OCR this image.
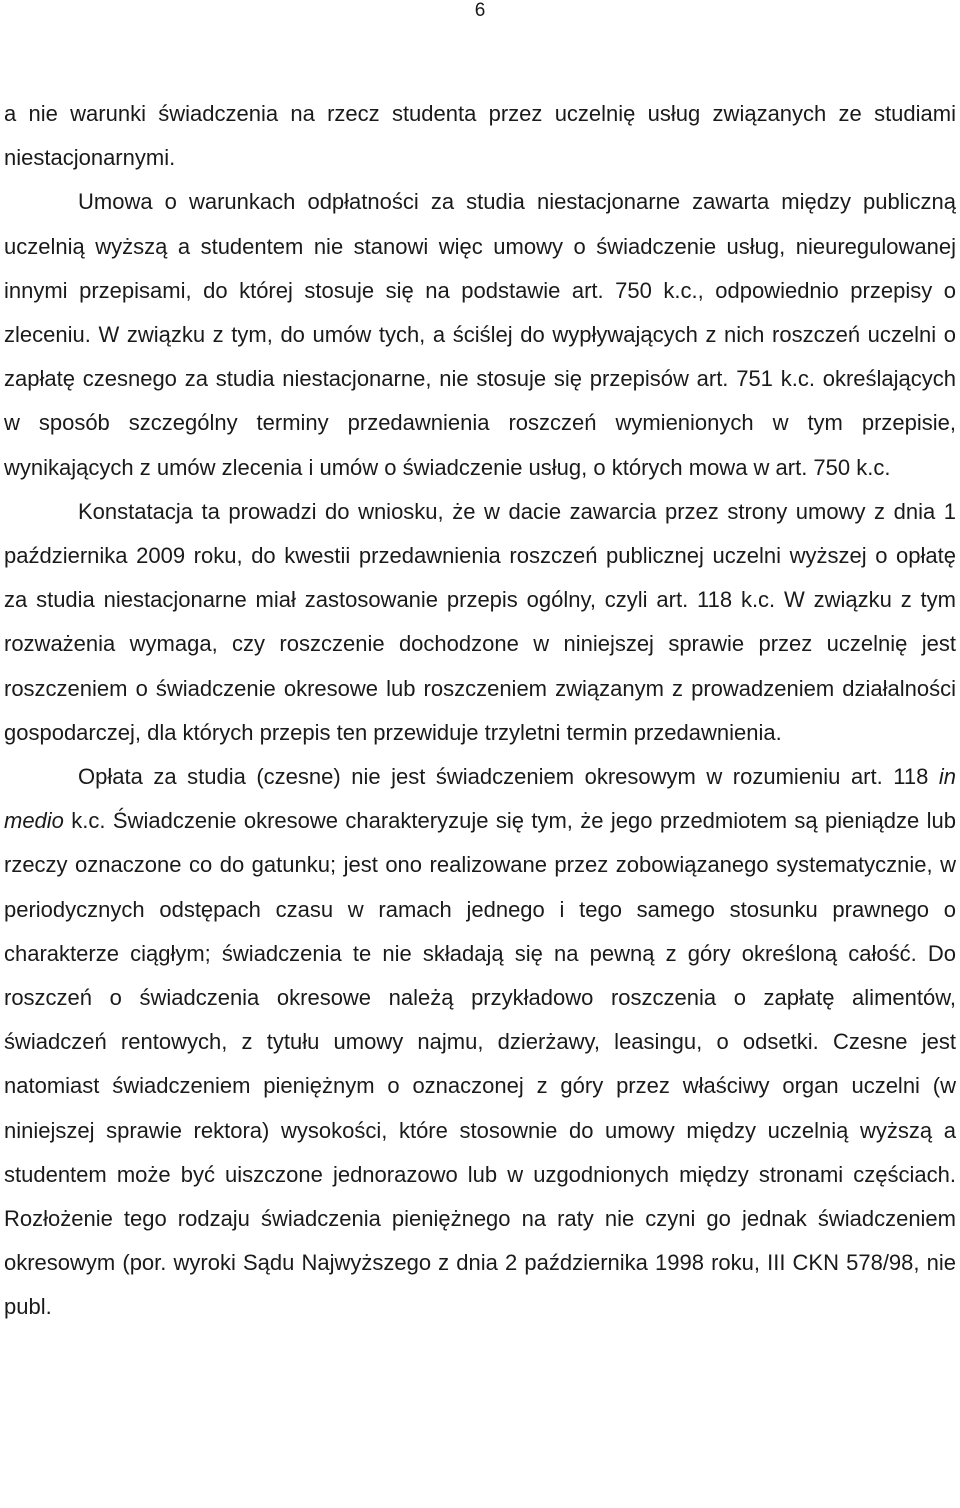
6

a nie warunki świadczenia na rzecz studenta przez uczelnię usług związanych ze studiami niestacjonarnymi.

Umowa o warunkach odpłatności za studia niestacjonarne zawarta między publiczną uczelnią wyższą a studentem nie stanowi więc umowy o świadczenie usług, nieuregulowanej innymi przepisami, do której stosuje się na podstawie art. 750 k.c., odpowiednio przepisy o zleceniu. W związku z tym, do umów tych, a ściślej do wypływających z nich roszczeń uczelni o zapłatę czesnego za studia niestacjonarne, nie stosuje się przepisów art. 751 k.c. określających w sposób szczególny terminy przedawnienia roszczeń wymienionych w tym przepisie, wynikających z umów zlecenia i umów o świadczenie usług, o których mowa w art. 750 k.c.

Konstatacja ta prowadzi do wniosku, że w dacie zawarcia przez strony umowy z dnia 1 października 2009 roku, do kwestii przedawnienia roszczeń publicznej uczelni wyższej o opłatę za studia niestacjonarne miał zastosowanie przepis ogólny, czyli art. 118 k.c. W związku z tym rozważenia wymaga, czy roszczenie dochodzone w niniejszej sprawie przez uczelnię jest roszczeniem o świadczenie okresowe lub roszczeniem związanym z prowadzeniem działalności gospodarczej, dla których przepis ten przewiduje trzyletni termin przedawnienia.

Opłata za studia (czesne) nie jest świadczeniem okresowym w rozumieniu art. 118 in medio k.c. Świadczenie okresowe charakteryzuje się tym, że jego przedmiotem są pieniądze lub rzeczy oznaczone co do gatunku; jest ono realizowane przez zobowiązanego systematycznie, w periodycznych odstępach czasu w ramach jednego i tego samego stosunku prawnego o charakterze ciągłym; świadczenia te nie składają się na pewną z góry określoną całość. Do roszczeń o świadczenia okresowe należą przykładowo roszczenia o zapłatę alimentów, świadczeń rentowych, z tytułu umowy najmu, dzierżawy, leasingu, o odsetki. Czesne jest natomiast świadczeniem pieniężnym o oznaczonej z góry przez właściwy organ uczelni (w niniejszej sprawie rektora) wysokości, które stosownie do umowy między uczelnią wyższą a studentem może być uiszczone jednorazowo lub w uzgodnionych między stronami częściach. Rozłożenie tego rodzaju świadczenia pieniężnego na raty nie czyni go jednak świadczeniem okresowym (por. wyroki Sądu Najwyższego z dnia 2 października 1998 roku, III CKN 578/98, nie publ.
